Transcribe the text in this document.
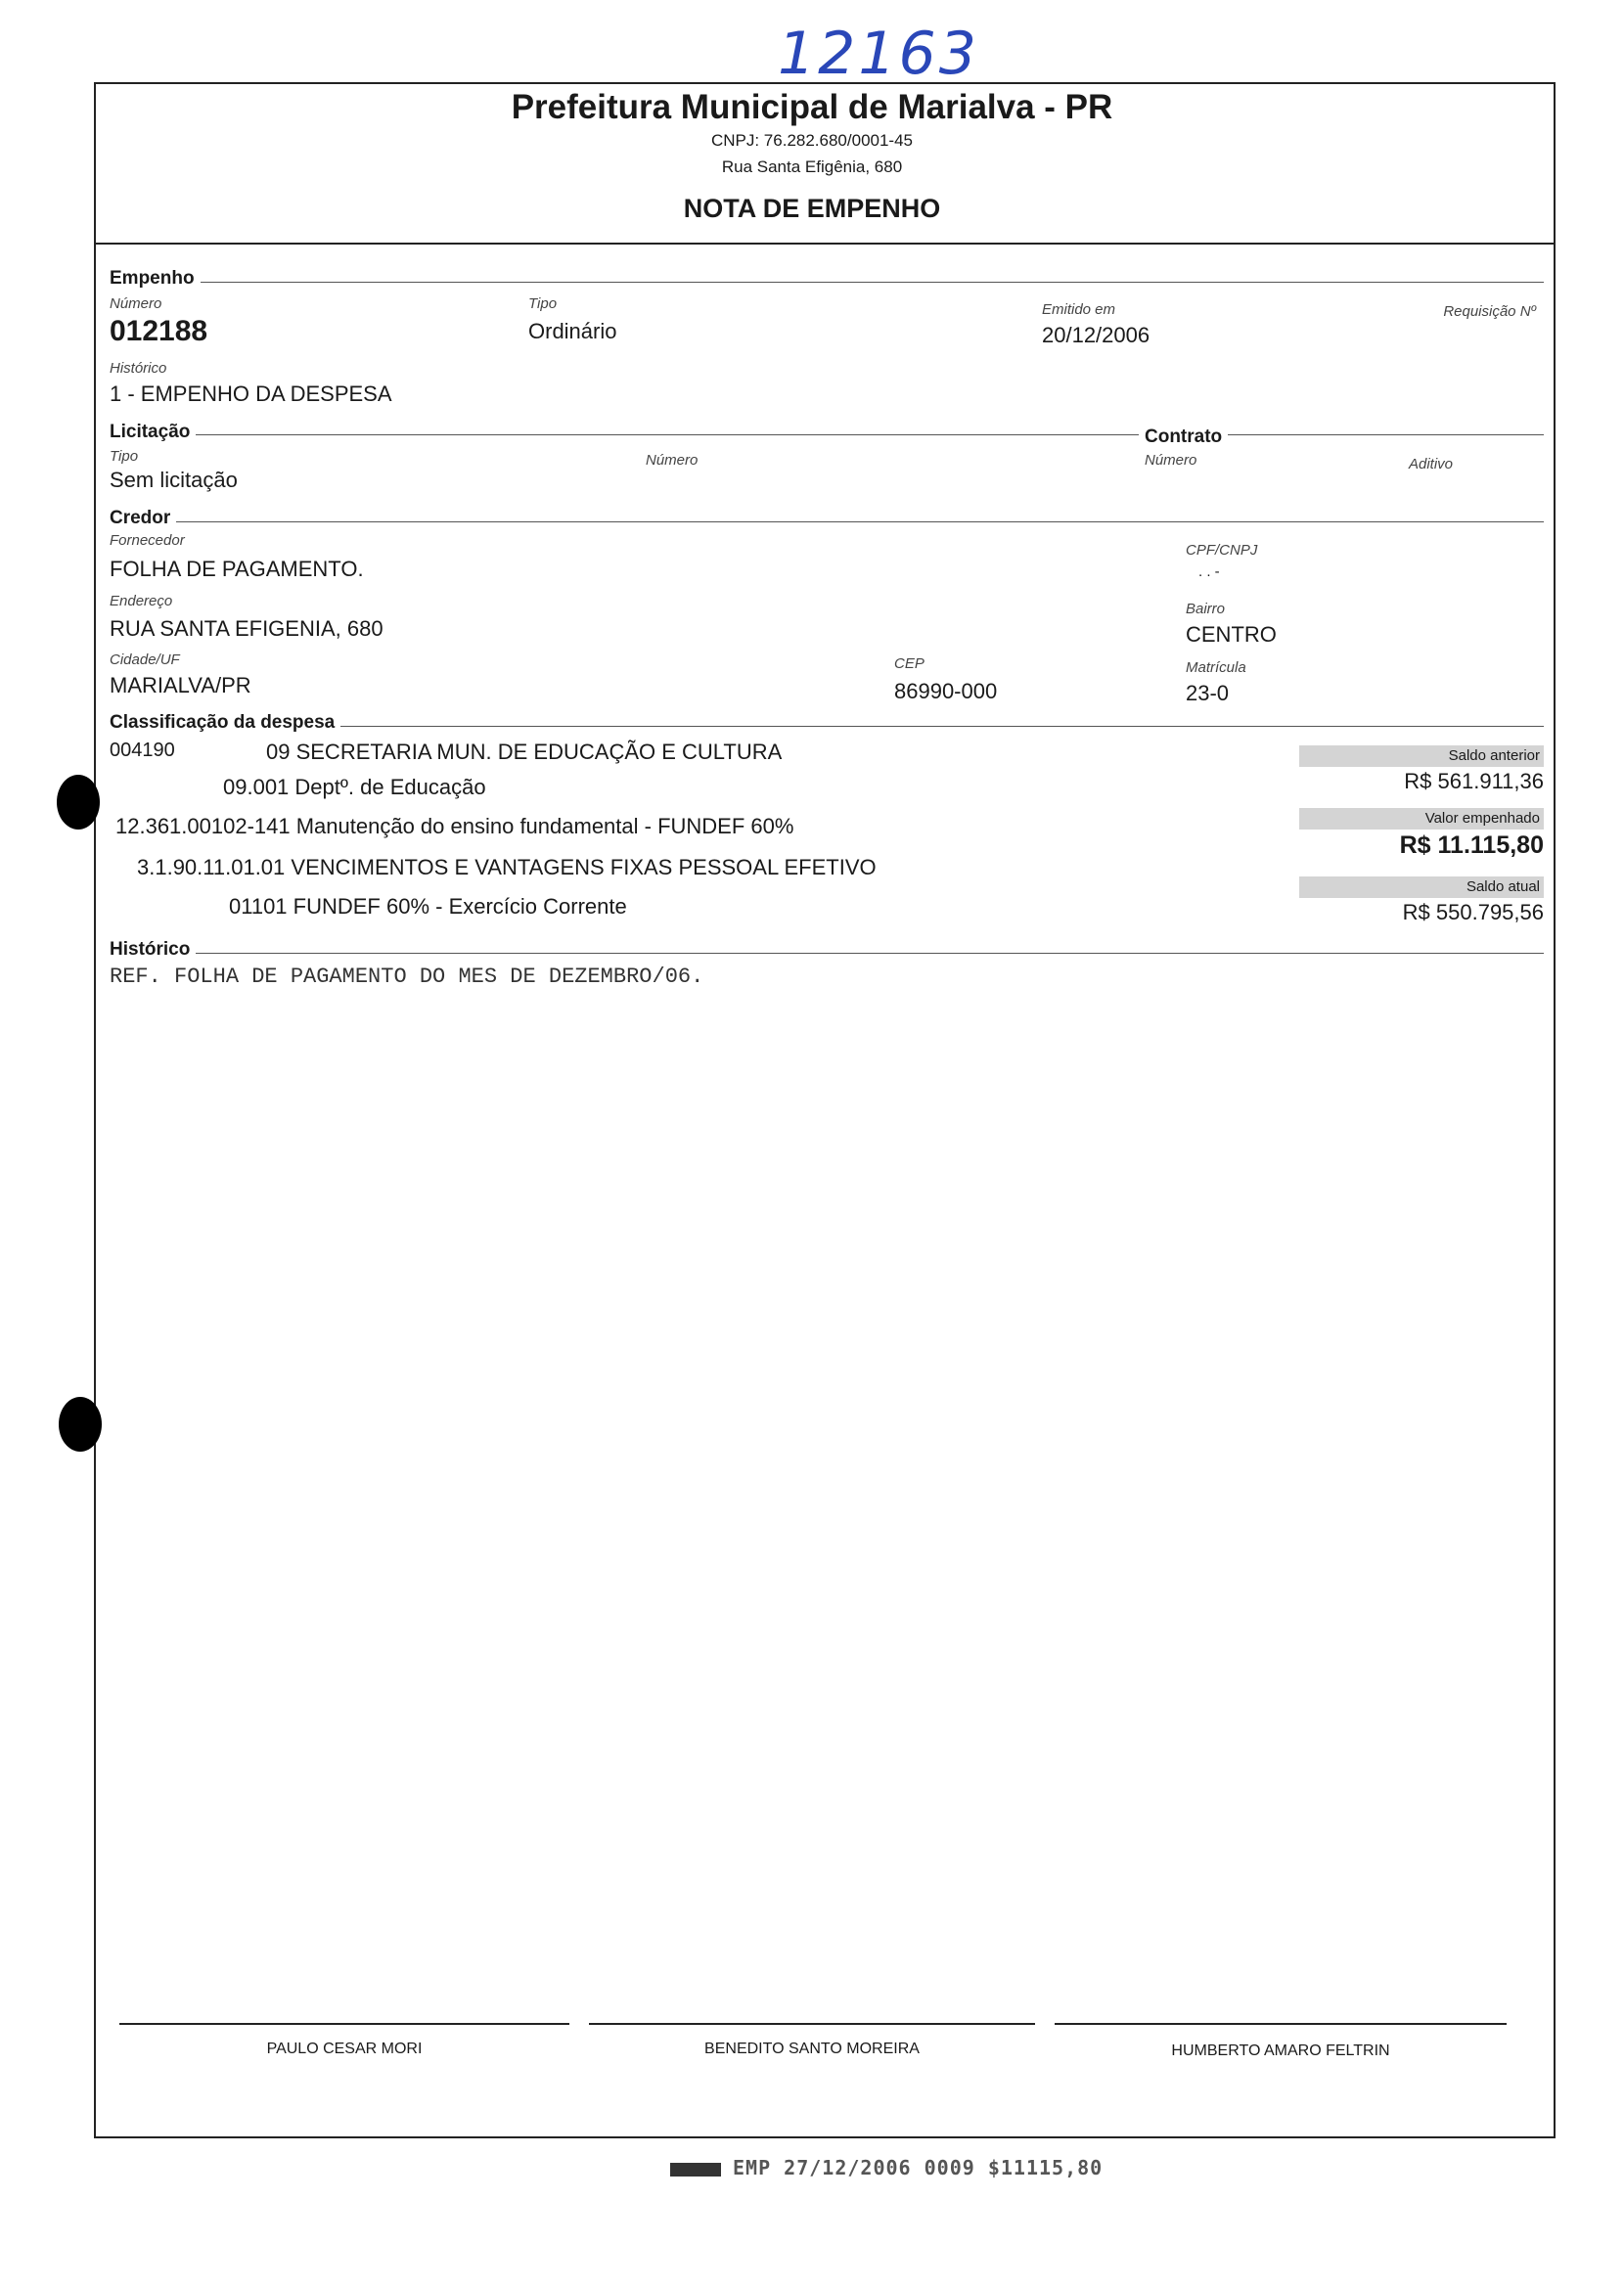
12163
Prefeitura Municipal de Marialva - PR
CNPJ: 76.282.680/0001-45
Rua Santa Efigênia, 680
NOTA DE EMPENHO
Empenho
Número
012188
Tipo
Ordinário
Emitido em
20/12/2006
Requisição Nº
Histórico
1 - EMPENHO DA DESPESA
Licitação	Contrato
Tipo
Sem licitação
Número	Número	Aditivo
Credor
Fornecedor
FOLHA DE PAGAMENTO.
CPF/CNPJ
. . -
Endereço
RUA SANTA EFIGENIA, 680
Bairro
CENTRO
Cidade/UF
MARIALVA/PR
CEP
86990-000
Matrícula
23-0
Classificação da despesa
004190	09 SECRETARIA MUN. DE EDUCAÇÃO E CULTURA
09.001 Deptº. de Educação
12.361.00102-141 Manutenção do ensino fundamental - FUNDEF 60%
3.1.90.11.01.01 VENCIMENTOS E VANTAGENS FIXAS PESSOAL EFETIVO
01101 FUNDEF 60% - Exercício Corrente
Saldo anterior
R$ 561.911,36
Valor empenhado
R$ 11.115,80
Saldo atual
R$ 550.795,56
Histórico
REF. FOLHA DE PAGAMENTO DO MES DE DEZEMBRO/06.
PAULO CESAR MORI	BENEDITO SANTO MOREIRA	HUMBERTO AMARO FELTRIN
EMP 27/12/2006 0009 $11115,80
